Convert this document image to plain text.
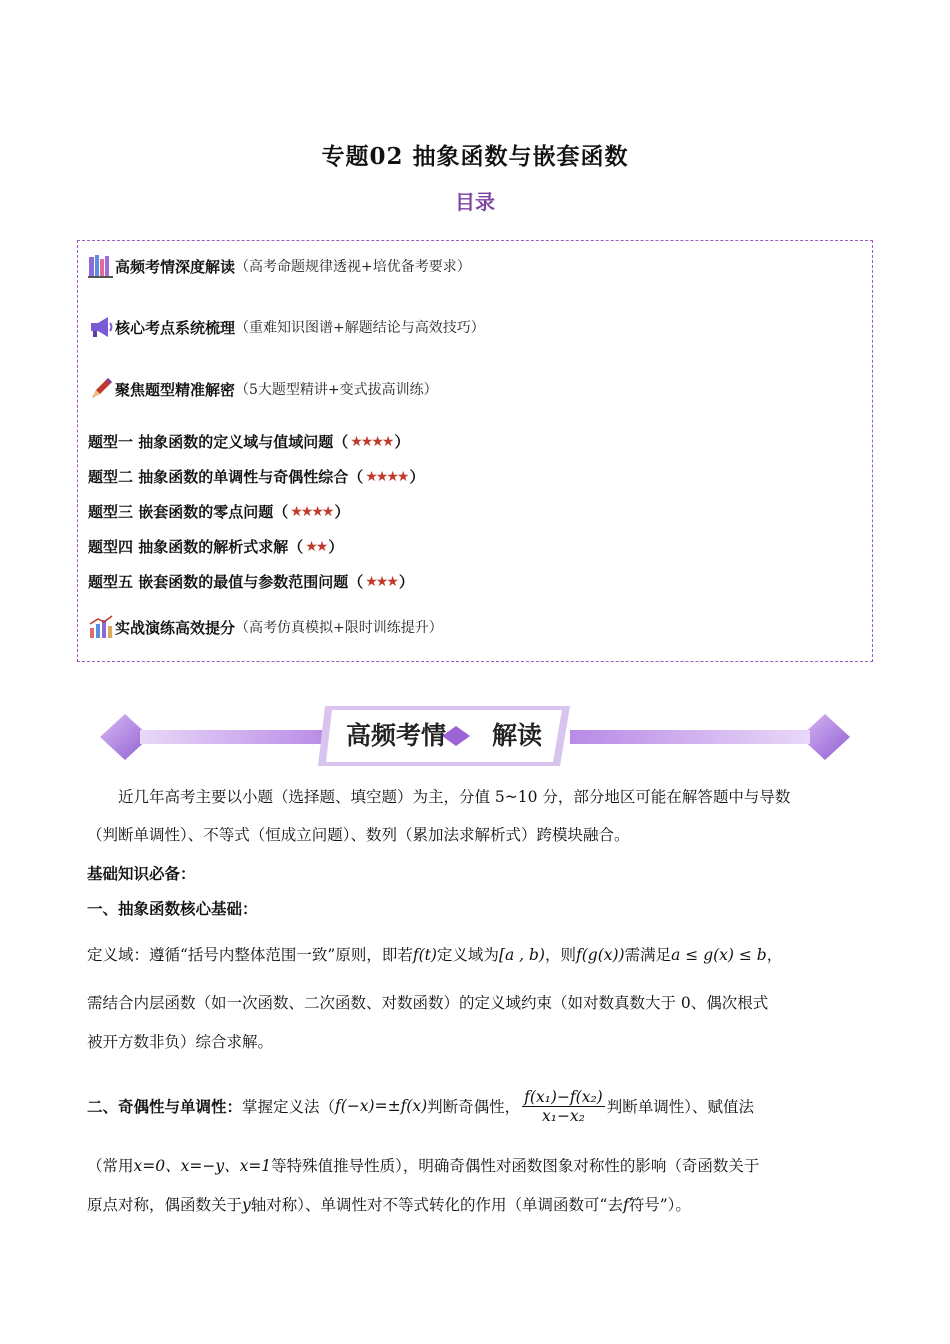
专题02 抽象函数与嵌套函数
目录
高频考情深度解读 （高考命题规律透视+培优备考要求）
核心考点系统梳理 （重难知识图谱+解题结论与高效技巧）
聚焦题型精准解密 （5大题型精讲+变式拔高训练）
题型一 抽象函数的定义域与值域问题 （ ★★★★ ）
题型二 抽象函数的单调性与奇偶性综合 （ ★★★★ ）
题型三 嵌套函数的零点问题 （ ★★★★ ）
题型四 抽象函数的解析式求解 （ ★★ ）
题型五 嵌套函数的最值与参数范围问题 （ ★★★ ）
实战演练高效提分 （高考仿真模拟+限时训练提升）
高频考情 解读
近几年高考主要以小题（选择题、填空题）为主，分值 5~10 分，部分地区可能在解答题中与导数
（判断单调性）、不等式（恒成立问题）、数列（累加法求解析式）跨模块融合。
基础知识必备：
一、抽象函数核心基础：
定义域：遵循“括号内整体范围一致”原则，即若f(t)定义域为[a , b)，则f(g(x))需满足a ≤ g(x) ≤ b，
需结合内层函数（如一次函数、二次函数、对数函数）的定义域约束（如对数真数大于 0、偶次根式
被开方数非负）综合求解。
二、奇偶性与单调性： 掌握定义法（ f(−x)=±f(x) 判断奇偶性， $\frac{\text{f(x₁)−f(x₂)}}{\text{x₁−x₂}}$ 判断单调性）、赋值法
（常用x=0、x=−y、x=1等特殊值推导性质），明确奇偶性对函数图象对称性的影响（奇函数关于
原点对称，偶函数关于y轴对称）、单调性对不等式转化的作用（单调函数可“去f符号”）。
